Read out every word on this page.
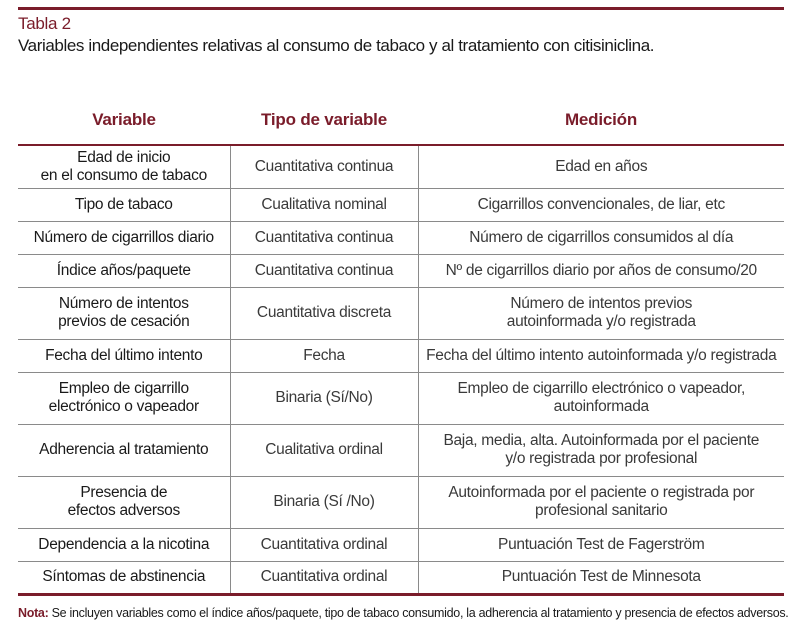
Tabla 2
Variables independientes relativas al consumo de tabaco y al tratamiento con citisiniclina.
Variable	Tipo de variable	Medición
Edad de inicio
en el consumo de tabaco	Cuantitativa continua	Edad en años
Tipo de tabaco	Cualitativa nominal	Cigarrillos convencionales, de liar, etc
Número de cigarrillos diario	Cuantitativa continua	Número de cigarrillos consumidos al día
Índice años/paquete	Cuantitativa continua	Nº de cigarrillos diario por años de consumo/20
Número de intentos
previos de cesación	Cuantitativa discreta	Número de intentos previos
autoinformada y/o registrada
Fecha del último intento	Fecha	Fecha del último intento autoinformada y/o registrada
Empleo de cigarrillo
electrónico o vapeador	Binaria (Sí/No)	Empleo de cigarrillo electrónico o vapeador,
autoinformada
Adherencia al tratamiento	Cualitativa ordinal	Baja, media, alta. Autoinformada por el paciente
y/o registrada por profesional
Presencia de
efectos adversos	Binaria (Sí /No)	Autoinformada por el paciente o registrada por
profesional sanitario
Dependencia a la nicotina	Cuantitativa ordinal	Puntuación Test de Fagerström
Síntomas de abstinencia	Cuantitativa ordinal	Puntuación Test de Minnesota
Nota: Se incluyen variables como el índice años/paquete, tipo de tabaco consumido, la adherencia al tratamiento y presencia de efectos adversos.
